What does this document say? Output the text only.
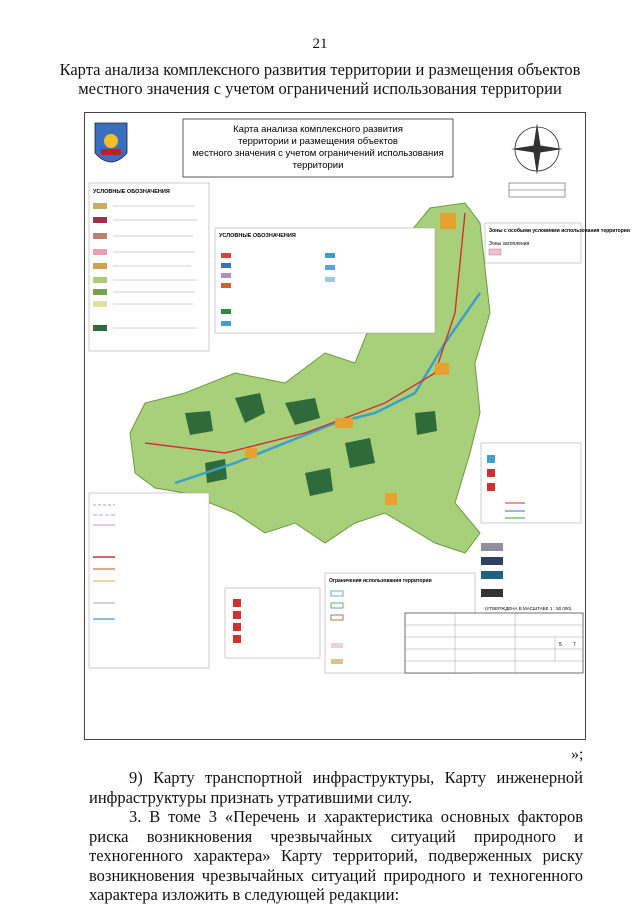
21
Карта анализа комплексного развития территории и размещения объектов
местного значения с учетом ограничений использования территории
Карта анализа комплексного развития
территории и размещения объектов
местного значения с учетом ограничений использования
территории
УСЛОВНЫЕ ОБОЗНАЧЕНИЯ
УСЛОВНЫЕ ОБОЗНАЧЕНИЯ
Зоны с особыми условиями использования территории
Зоны затопления
Ограничения использования территории
(УТВЕРЖДЕНА В МАСШТАБЕ 1 : 50 000)
5 7
»;
9) Карту транспортной инфраструктуры, Карту инженерной инфраструктуры признать утратившими силу.
3. В томе 3 «Перечень и характеристика основных факторов риска возникновения чрезвычайных ситуаций природного и техногенного характера» Карту территорий, подверженных риску возникновения чрезвычайных ситуаций природного и техногенного характера изложить в следующей редакции:
